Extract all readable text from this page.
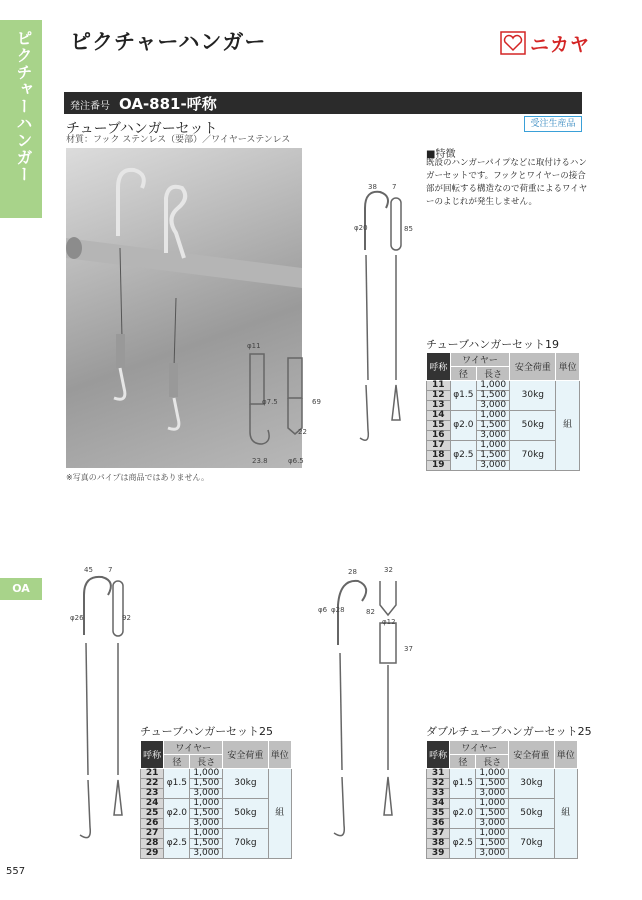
ピクチャーハンガー ピクチャーハンガー	ニカヤ
発注番号 OA-881-呼称
チューブハンガーセット	受注生産品
材質：フック ステンレス（要部）／ワイヤーステンレス
※写真のパイプは商品ではありません。
38 7
φ20	85
φ11
φ7.5	69
22
23.8	φ6.5
■特徴
既設のハンガーパイプなどに取付けるハンガーセットです。フックとワイヤーの接合部が回転する構造なので荷重によるワイヤーのよじれが発生しません。
チューブハンガーセット19
呼称	ワイヤー		安全荷重	単位
	径	長さ		
11	φ1.5	1,000	30kg	組
12		1,500		
13		3,000		
14	φ2.0	1,000	50kg	
15		1,500		
16		3,000		
17	φ2.5	1,000	70kg	
18		1,500		
19		3,000		
45 7
φ26	92
チューブハンガーセット25
呼称	ワイヤー		安全荷重	単位
	径	長さ		
21	φ1.5	1,000	30kg	組
22		1,500		
23		3,000		
24	φ2.0	1,000	50kg	
25		1,500		
26		3,000		
27	φ2.5	1,000	70kg	
28		1,500		
29		3,000		
28	32
φ6 φ28	82
φ12
37
ダブルチューブハンガーセット25
呼称	ワイヤー		安全荷重	単位
	径	長さ		
31	φ1.5	1,000	30kg	組
32		1,500		
33		3,000		
34	φ2.0	1,000	50kg	
35		1,500		
36		3,000		
37	φ2.5	1,000	70kg	
38		1,500		
39		3,000		
OA
557
